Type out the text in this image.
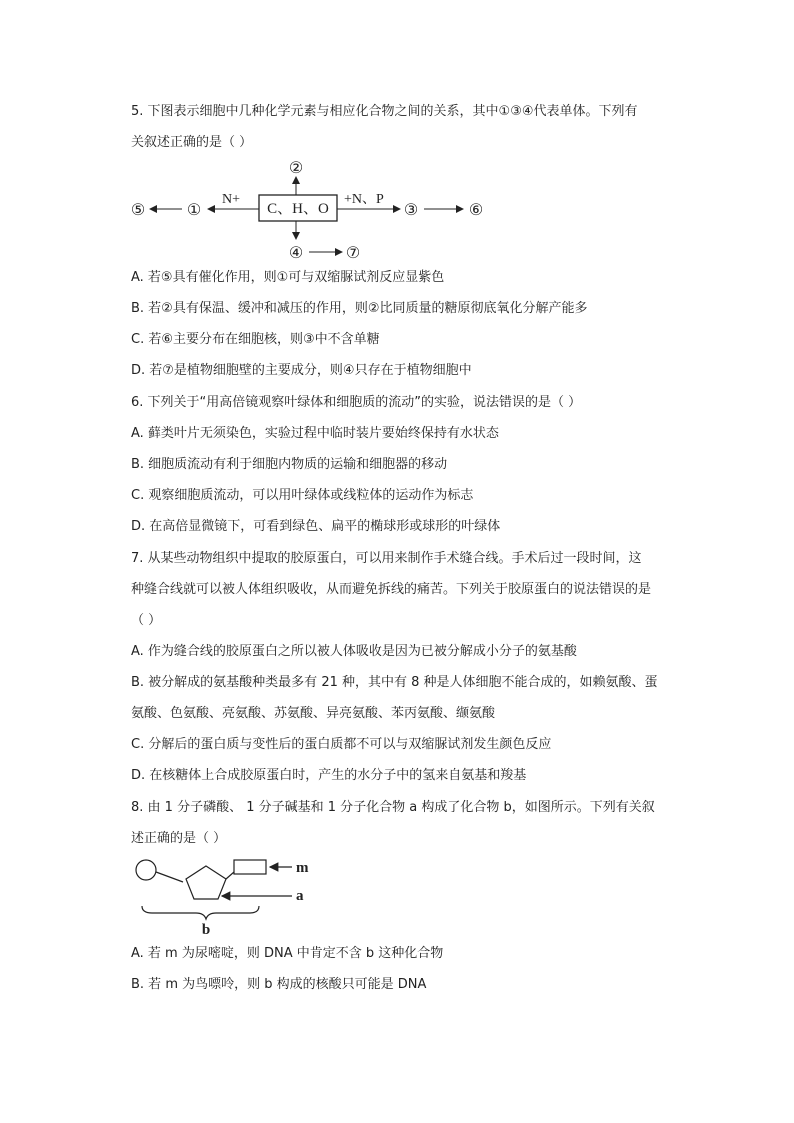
5. 下图表示细胞中几种化学元素与相应化合物之间的关系，其中①③④代表单体。下列有
关叙述正确的是（ ）
C、H、O
N+
①
⑤
②
+N、P
③	⑥
④	⑦
A. 若⑤具有催化作用，则①可与双缩脲试剂反应显紫色
B. 若②具有保温、缓冲和减压的作用，则②比同质量的糖原彻底氧化分解产能多
C. 若⑥主要分布在细胞核，则③中不含单糖
D. 若⑦是植物细胞壁的主要成分，则④只存在于植物细胞中
6. 下列关于“用高倍镜观察叶绿体和细胞质的流动”的实验，说法错误的是（ ）
A. 藓类叶片无须染色，实验过程中临时装片要始终保持有水状态
B. 细胞质流动有利于细胞内物质的运输和细胞器的移动
C. 观察细胞质流动，可以用叶绿体或线粒体的运动作为标志
D. 在高倍显微镜下，可看到绿色、扁平的椭球形或球形的叶绿体
7. 从某些动物组织中提取的胶原蛋白，可以用来制作手术缝合线。手术后过一段时间，这
种缝合线就可以被人体组织吸收，从而避免拆线的痛苦。下列关于胶原蛋白的说法错误的是
（ ）
A. 作为缝合线的胶原蛋白之所以被人体吸收是因为已被分解成小分子的氨基酸
B. 被分解成的氨基酸种类最多有 21 种，其中有 8 种是人体细胞不能合成的，如赖氨酸、蛋
氨酸、色氨酸、亮氨酸、苏氨酸、异亮氨酸、苯丙氨酸、缬氨酸
C. 分解后的蛋白质与变性后的蛋白质都不可以与双缩脲试剂发生颜色反应
D. 在核糖体上合成胶原蛋白时，产生的水分子中的氢来自氨基和羧基
8. 由 1 分子磷酸、 1 分子碱基和 1 分子化合物 a 构成了化合物 b，如图所示。下列有关叙
述正确的是（ ）
m
a
b
A. 若 m 为尿嘧啶，则 DNA 中肯定不含 b 这种化合物
B. 若 m 为鸟嘌呤，则 b 构成的核酸只可能是 DNA
